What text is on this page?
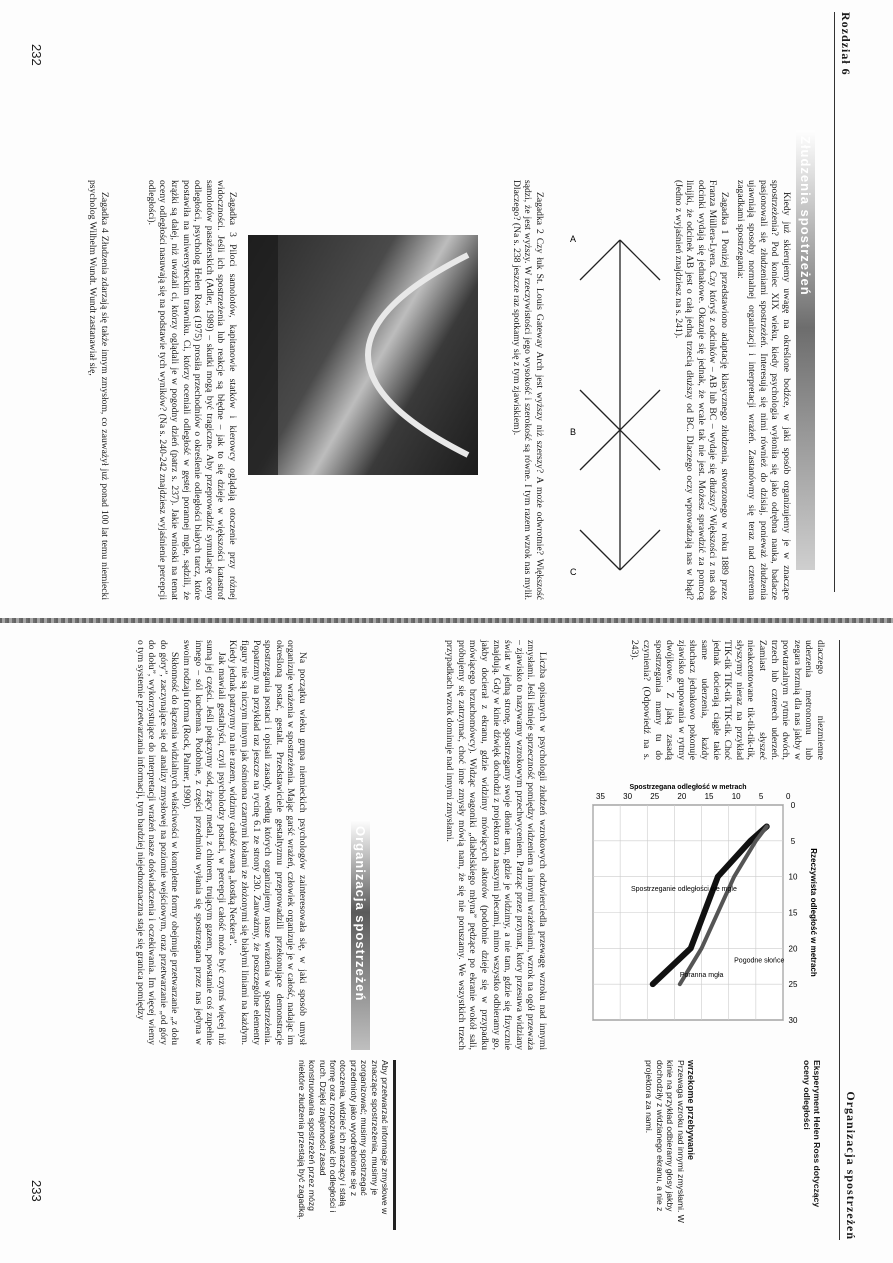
232	Rozdział 6
Złudzenia spostrzeżeń

Kiedy już skierujemy uwagę na określone bodźce, w jaki sposób organizujemy je w znaczące spostrzeżenia? Pod koniec XIX wieku, kiedy psychologia wyłoniła się jako odrębna nauka, badacze pasjonowali się złudzeniami spostrzeżeń. Interesują się nimi również do dzisiaj, ponieważ złudzenia ujawniają sposoby normalnej organizacji i interpretacji wrażeń. Zastanówmy się teraz nad czterema zagadkami spostrzegania:

Zagadka 1 Poniżej przedstawiono adaptację klasycznego złudzenia, stworzonego w roku 1889 przez Franza Müllera-Lyera. Czy któryś z odcinków – AB lub BC – wydaje się dłuższy? Większości z nas oba odcinki wydają się jednakowe. Okazuje się jednak, że wcale tak nie jest. Możesz sprawdzić za pomocą linijki, że odcinek AB jest o całą jedną trzecią dłuższy od BC. Dlaczego oczy wprowadzają nas w błąd? (Jedno z wyjaśnień znajdziesz na s. 241).

A
B
C

Zagadka 2 Czy łuk St. Louis Gateway Arch jest wyższy niż szerszy? A może odwrotnie? Większość sądzi, że jest wyższy. W rzeczywistości jego wysokość i szerokość są równe. I tym razem wzrok nas mylił. Dlaczego? (Na s. 238 jeszcze raz spotkamy się z tym zjawiskiem).

Zagadka 3 Piloci samolotów, kapitanowie statków i kierowcy oglądają otoczenie przy różnej widoczności. Jeśli ich spostrzeżenia lub reakcje są błędne – jak to się dzieje w większości katastrof samolotów pasażerskich (Adler, 1989) – skutki mogą być tragiczne. Aby przeprowadzić symulację oceny odległości, psycholog Helen Ross (1975) prosiła przechodniów o określenie odległości białych tarcz, które postawiła na uniwersyteckim trawniku. Ci, którzy oceniali odległość w gęstej porannej mgle, sądzili, że krążki są dalej, niż uważali ci, którzy oglądali je w pogodny dzień (patrz s. 237). Jakie wnioski na temat oceny odległości nasuwają się na podstawie tych wyników? (Na s. 240-242 znajdziesz wyjaśnienie percepcji odległości).

Zagadka 4 Złudzenia zdarzają się także innym zmysłom, co zauważył już ponad 100 lat temu niemiecki psycholog Wilhelm Wundt. Wundt zastanawiał się,

233	Organizacja spostrzeżeń

dlaczego niezmienne uderzenia metronomu lub zegara brzmią dla nas jakby w powtarzalnym rytmie dwóch, trzech lub czterech uderzeń. Zamiast słyszeć nieakcentowane tik-tik-tik-tik, słyszymy nieraz na przykład TIK-tik TIK-tik TIK-tik. Choć jednak docierają ciągle takie same uderzenia, każdy słuchacz jednakowo pokonuje zjawisko grupowania w rytmy dwójkowe. Z jaką zasadą spostrzegania mamy tu do czynienia? (Odpowiedź na s. 243).

0
5
10
15
20
25
30
0
5
10
15
20
25
30
35
Rzeczywista odległość w metrach
Spostrzegana odległość w metrach
Spostrzeganie odległości we mgle
Poranna mgła
Pogodne słońce
Eksperyment Helen Ross dotyczący oceny odległości
wrzekome przebywanie
Przewaga wzroku nad innymi zmysłami. W kinie na przykład odbieramy głosy jakby dochodziły z widzianego ekranu, a nie z projektora za nami.
Aby przetwarzać informacje zmysłowe w znaczące spostrzeżenia, musimy je zorganizować; musimy spostrzegać przedmioty jako wyodrębnione się z otoczenia, widzieć ich znaczący i stałą formę oraz rozpoznawać ich odległości i ruch. Dzięki znajomości zasad konstruowania spostrzeżeń przez mózg niektóre złudzenia przestają być zagadką.

Liczba opisanych w psychologii złudzeń wzrokowych odzwierciedla przewagę wzroku nad innymi zmysłami. Jeśli istnieje sprzeczność pomiędzy widzeniem a innymi wrażeniami, wzrok na ogół przeważa – zjawisko to nazywamy wzrokowym przechwyceniem. Patrząc przez przymat, który przesuwa widziany świat w jedną stronę, spostrzegamy swoje dłonie tam, gdzie je widzimy, a nie tam, gdzie się fizycznie znajdują. Gdy w kinie dźwięk dochodzi z projektora za naszymi plecami, mimo wszystko odbieramy go, jakby docierał z ekranu, gdzie widzimy mówiących aktorów (podobnie dzieje się w przypadku mówiącego brzuchomówcy). Widząc wagoniki „diabelskiego młyna” pędzące po ekranie wokół sali, próbujemy się zatrzymać, choć inne zmysły mówią nam, że się nie poruszamy. We wszystkich trzech przypadkach wzrok dominuje nad innymi zmysłami.

Organizacja spostrzeżeń

Na początku wieku grupa niemieckich psychologów zainteresowała się, w jaki sposób umysł organizuje wrażenia w spostrzeżenia. Mając garść wrażeń, człowiek organizuje je w całość, nadając im określoną postać, gestalt. Przedstawiciele gestaltyzmu przeprowadzili przekonujące demonstracje spostrzegania postaci i opisali zasady, według których organizujemy nasze wrażenia w spostrzeżenia. Popatrzmy na przykład raz jeszcze na rycinę 6.1 ze strony 230. Zauważmy, że poszczególne elementy figury nie są niczym innym jak ośmioma czarnymi kołami ze złożonymi się białymi liniami na każdym. Kiedy jednak patrzymy na nie razem, widzimy całość zwaną „kostką Neckera”.

Jak mawiali gestaltyści, czyli psycholodzy postaci, w percepcji całość może być czymś więcej niż sumą jej części. Jeśli połączymy sód, żrący metal, z chlorem, trującym gazem, powstanie coś zupełnie innego – sól kuchenna. Podobnie, z części przedmiotu wyłania się spostrzegana przez nas jedyna w swoim rodzaju forma (Rock, Palmer, 1990).

Skłonność do łączenia widzialnych właściwości w kompletne formy obejmuje przetwarzanie „z dołu do góry”, zaczynające się od analizy zmysłowej na poziomie wejściowym, oraz przetwarzanie „od góry do dołu”, wykorzystujące do interpretacji wrażeń nasze doświadczenia i oczekiwania. Im więcej wiemy o tym systemie przetwarzania informacji, tym bardziej niejednoznaczna staje się granica pomiędzy
